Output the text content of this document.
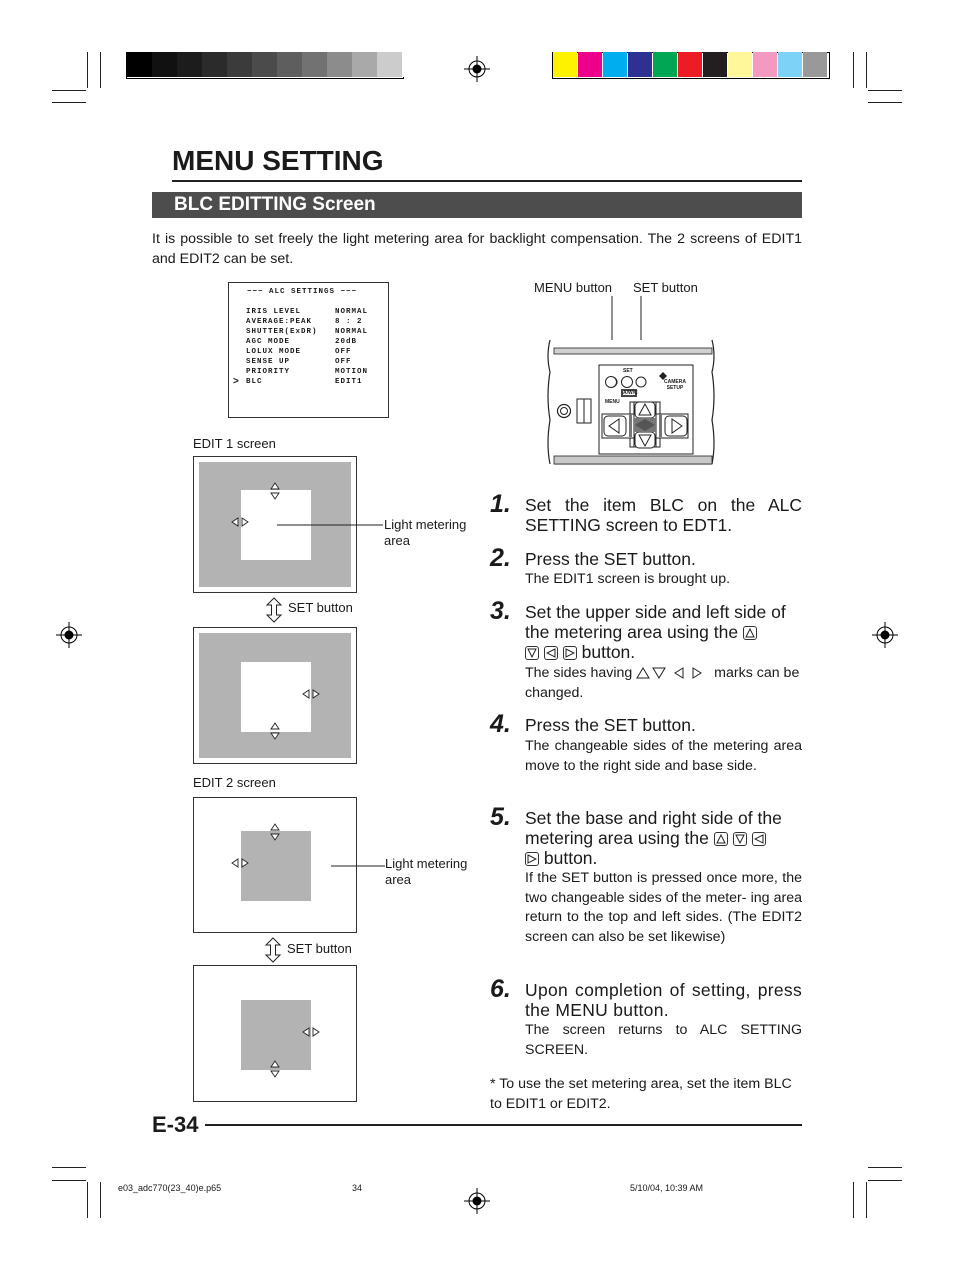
MENU SETTING
BLC EDITTING Screen
It is possible to set freely the light metering area for backlight compensation. The 2 screens of EDIT1 and EDIT2 can be set.
−−− ALC SETTINGS −−−
IRIS LEVEL	NORMAL
AVERAGE:PEAK	8 : 2
SHUTTER(ExDR) NORMAL
AGC MODE	20dB
LOLUX MODE	OFF
SENSE UP	OFF
PRIORITY	MOTION
BLC	EDIT1
>
MENU button SET button
SET
A/W/C
MENU
CAMERA
SETUP
EDIT 1 screen
Light metering
area
SET button
EDIT 2 screen
Light metering
area
SET button
1. Set the item BLC on the ALC SETTING screen to EDT1.
2. Press the SET button.
The EDIT1 screen is brought up.
3. Set the upper side and left side of the metering area using the

button.
The sides having	marks can be changed.
4. Press the SET button.
The changeable sides of the metering area move to the right side and base side.
5. Set the base and right side of the metering area using the

button.
If the SET button is pressed once more, the two changeable sides of the meter- ing area return to the top and left sides. (The EDIT2 screen can also be set likewise)
6. Upon completion of setting, press the MENU button.
The screen returns to ALC SETTING SCREEN.
* To use the set metering area, set the item BLC to EDIT1 or EDIT2.
E-34
e03_adc770(23_40)e.p65	34	5/10/04, 10:39 AM
